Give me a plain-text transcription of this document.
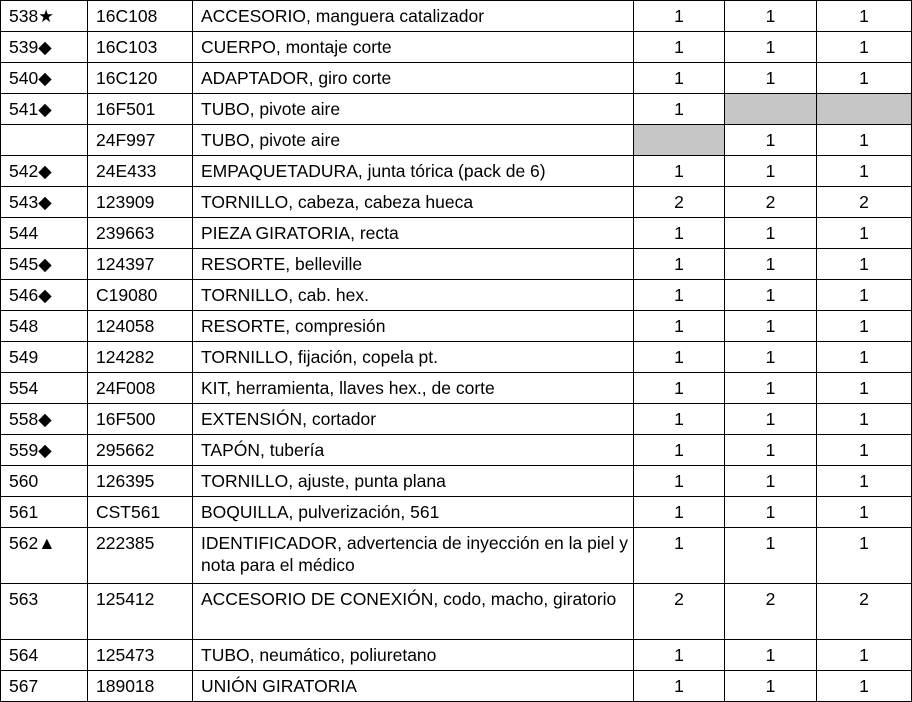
538★	16C108	ACCESORIO, manguera catalizador	1	1	1
539◆	16C103	CUERPO, montaje corte	1	1	1
540◆	16C120	ADAPTADOR, giro corte	1	1	1
541◆	16F501	TUBO, pivote aire	1		
	24F997	TUBO, pivote aire		1	1
542◆	24E433	EMPAQUETADURA, junta tórica (pack de 6)	1	1	1
543◆	123909	TORNILLO, cabeza, cabeza hueca	2	2	2
544	239663	PIEZA GIRATORIA, recta	1	1	1
545◆	124397	RESORTE, belleville	1	1	1
546◆	C19080	TORNILLO, cab. hex.	1	1	1
548	124058	RESORTE, compresión	1	1	1
549	124282	TORNILLO, fijación, copela pt.	1	1	1
554	24F008	KIT, herramienta, llaves hex., de corte	1	1	1
558◆	16F500	EXTENSIÓN, cortador	1	1	1
559◆	295662	TAPÓN, tubería	1	1	1
560	126395	TORNILLO, ajuste, punta plana	1	1	1
561	CST561	BOQUILLA, pulverización, 561	1	1	1
562▲	222385	IDENTIFICADOR, advertencia de inyección en la piel y nota para el médico	1	1	1
563	125412	ACCESORIO DE CONEXIÓN, codo, macho, giratorio	2	2	2
564	125473	TUBO, neumático, poliuretano	1	1	1
567	189018	UNIÓN GIRATORIA	1	1	1
